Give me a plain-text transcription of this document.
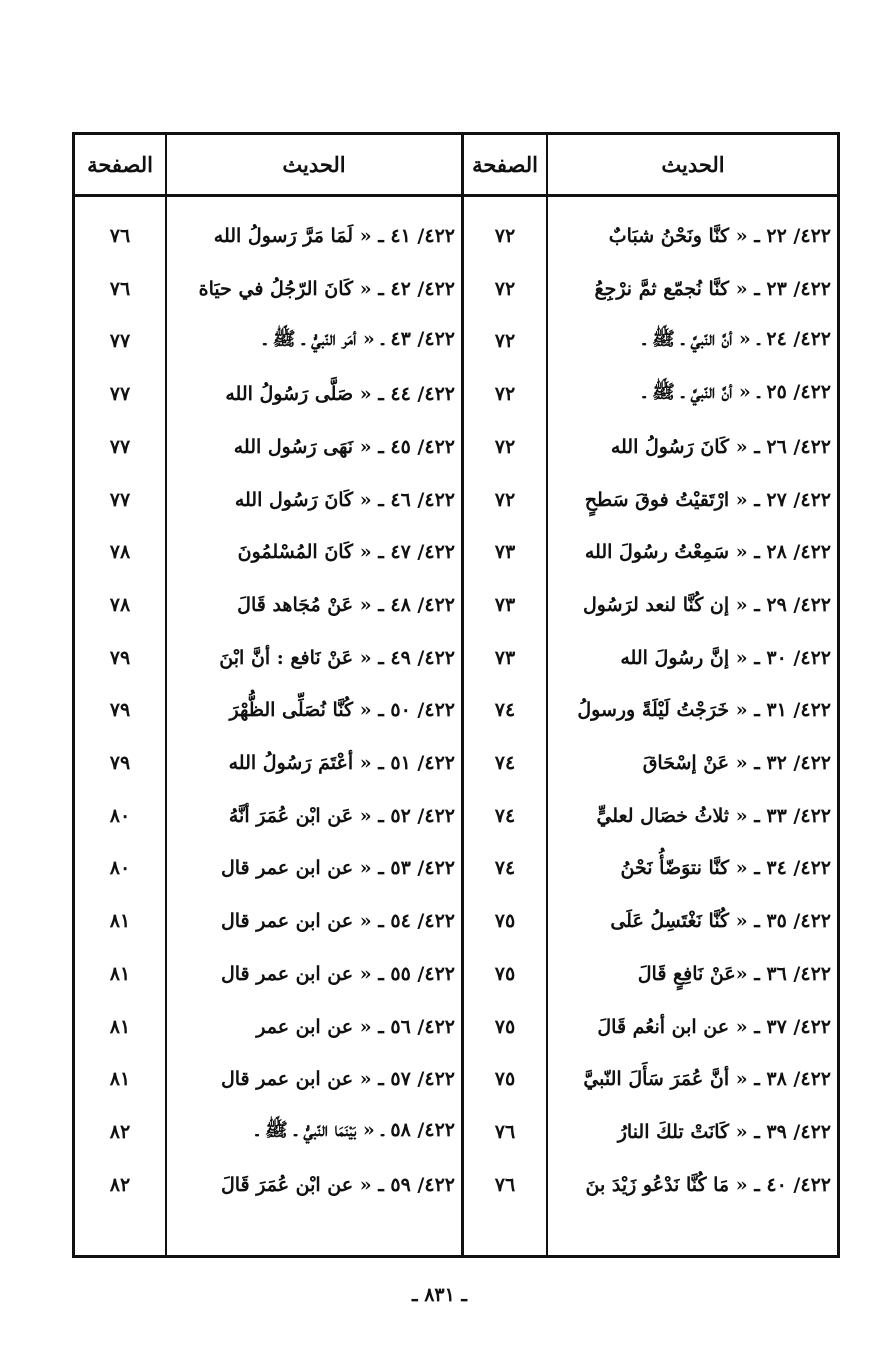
الحديث
الصفحة
الحديث
الصفحة
٤٢٢/ ٢٢ ـ « كنَّا ونَحْنُ شبَابٌ
٧٢
٤٢٢/ ٤١ ـ « لَمَا مَرَّ رَسولُ الله
٧٦
٤٢٢/ ٢٣ ـ « كنَّا نُجمّع ثمَّ نرْجِعُ
٧٢
٤٢٢/ ٤٢ ـ « كَانَ الرّجُلُ في حيَاة
٧٦
٤٢٢/ ٢٤ ـ « أنَّ النّبيَّ ـ ﷺ ـ
٧٢
٤٢٢/ ٤٣ ـ « أمَر النّبيُّ ـ ﷺ ـ
٧٧
٤٢٢/ ٢٥ ـ « أنَّ النّبيَّ ـ ﷺ ـ
٧٢
٤٢٢/ ٤٤ ـ « صَلَّى رَسُولُ الله
٧٧
٤٢٢/ ٢٦ ـ « كَانَ رَسُولُ الله
٧٢
٤٢٢/ ٤٥ ـ « نَهَى رَسُول الله
٧٧
٤٢٢/ ٢٧ ـ « ارْتَقيْتُ فوقَ سَطحٍ
٧٢
٤٢٢/ ٤٦ ـ « كَانَ رَسُول الله
٧٧
٤٢٢/ ٢٨ ـ « سَمِعْتُ رسُولَ الله
٧٣
٤٢٢/ ٤٧ ـ « كَانَ المُسْلمُونَ
٧٨
٤٢٢/ ٢٩ ـ « إن كُنَّا لنعد لرَسُول
٧٣
٤٢٢/ ٤٨ ـ « عَنْ مُجَاهد قَالَ
٧٨
٤٢٢/ ٣٠ ـ « إنَّ رسُولَ الله
٧٣
٤٢٢/ ٤٩ ـ « عَنْ نَافع : أنَّ ابْنَ
٧٩
٤٢٢/ ٣١ ـ « خَرَجْتُ لَيْلَةً ورسولُ
٧٤
٤٢٢/ ٥٠ ـ « كُنَّا نُصَلِّى الظُّهْرَ
٧٩
٤٢٢/ ٣٢ ـ « عَنْ إسْحَاقَ
٧٤
٤٢٢/ ٥١ ـ « أعْتَمَ رَسُولُ الله
٧٩
٤٢٢/ ٣٣ ـ « ثلاثُ خصَال لعليٍّ
٧٤
٤٢٢/ ٥٢ ـ « عَن ابْن عُمَرَ أنَّهُ
٨٠
٤٢٢/ ٣٤ ـ « كنَّا نتوَضّأُ نَحْنُ
٧٤
٤٢٢/ ٥٣ ـ « عن ابن عمر قال
٨٠
٤٢٢/ ٣٥ ـ « كُنَّا نَغْتَسِلُ عَلَى
٧٥
٤٢٢/ ٥٤ ـ « عن ابن عمر قال
٨١
٤٢٢/ ٣٦ ـ «عَنْ نَافِعٍ قَالَ
٧٥
٤٢٢/ ٥٥ ـ « عن ابن عمر قال
٨١
٤٢٢/ ٣٧ ـ « عن ابن أنعُم قَالَ
٧٥
٤٢٢/ ٥٦ ـ « عن ابن عمر
٨١
٤٢٢/ ٣٨ ـ « أنَّ عُمَرَ سَأَلَ النّبيَّ
٧٥
٤٢٢/ ٥٧ ـ « عن ابن عمر قال
٨١
٤٢٢/ ٣٩ ـ « كَانَتْ تلكَ النارُ
٧٦
٤٢٢/ ٥٨ ـ « بَيْنَمَا النّبيُّ ـ ﷺ ـ
٨٢
٤٢٢/ ٤٠ ـ « مَا كُنَّا نَدْعُو زَيْدَ بنَ
٧٦
٤٢٢/ ٥٩ ـ « عن ابْن عُمَرَ قَالَ
٨٢
ـ ٨٣١ ـ
